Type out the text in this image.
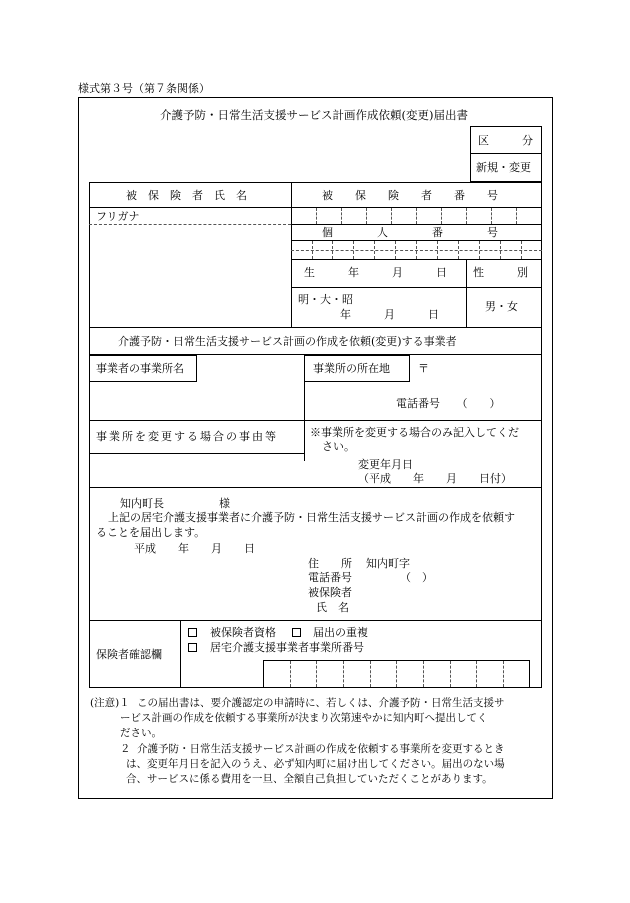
様式第３号（第７条関係）
介護予防・日常生活支援サービス計画作成依頼(変更)届出書
区　　　分
新規・変更
被　保　険　者　氏　名	被　　保　　険　　者　　番　　号
フリガナ
個　　　　人　　　　番　　　　号
生　　　年　　　月　　　日 性　　　別
明・大・昭
年　　　月　　　日
男・女
介護予防・日常生活支援サービス計画の作成を依頼(変更)する事業者
事業者の事業所名	事業所の所在地	〒
電話番号　　（　　）
事業所を変更する場合の事由等	※事業所を変更する場合のみ記入してくだ
さい。
変更年月日
（平成　　年　　月　　日付）
知内町長　　　　　様
上記の居宅介護支援事業者に介護予防・日常生活支援サービス計画の作成を依頼す
ることを届出します。
平成　　年　　月　　日
住　　所 知内町字
電話番号	（　）
被保険者
氏　名
保険者確認欄
被保険者資格	届出の重複
居宅介護支援事業者事業所番号
(注意)１ この届出書は、要介護認定の申請時に、若しくは、介護予防・日常生活支援サ
ービス計画の作成を依頼する事業所が決まり次第速やかに知内町へ提出してく
ださい。
２ 介護予防・日常生活支援サービス計画の作成を依頼する事業所を変更するとき
は、変更年月日を記入のうえ、必ず知内町に届け出してください。届出のない場
合、サービスに係る費用を一旦、全額自己負担していただくことがあります。
